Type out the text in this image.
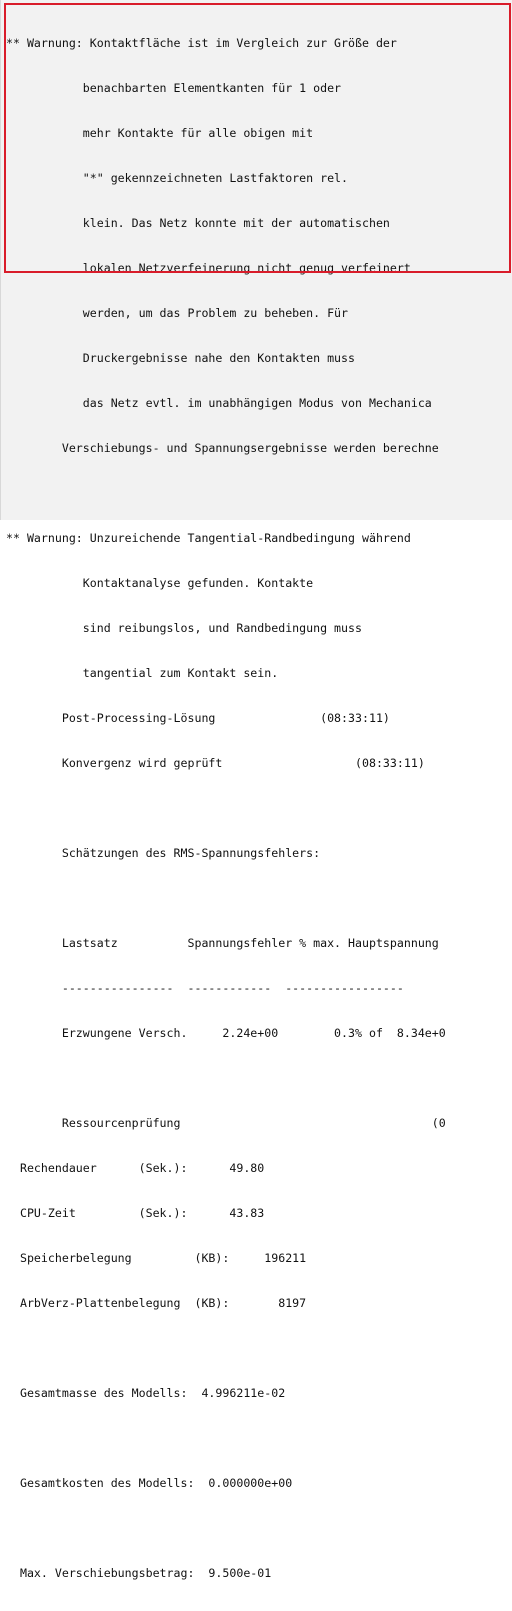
** Warnung: Kontaktfläche ist im Vergleich zur Größe der

benachbarten Elementkanten für 1 oder

mehr Kontakte für alle obigen mit

"*" gekennzeichneten Lastfaktoren rel.

klein. Das Netz konnte mit der automatischen

lokalen Netzverfeinerung nicht genug verfeinert

werden, um das Problem zu beheben. Für

Druckergebnisse nahe den Kontakten muss

das Netz evtl. im unabhängigen Modus von Mechanica

Verschiebungs- und Spannungsergebnisse werden berechne

** Warnung: Unzureichende Tangential-Randbedingung während

Kontaktanalyse gefunden. Kontakte

sind reibungslos, und Randbedingung muss

tangential zum Kontakt sein.

Post-Processing-Lösung               (08:33:11)

Konvergenz wird geprüft                   (08:33:11)

Schätzungen des RMS-Spannungsfehlers:

Lastsatz          Spannungsfehler % max. Hauptspannung

----------------  ------------  -----------------

Erzwungene Versch.     2.24e+00        0.3% of  8.34e+0

Ressourcenprüfung                                    (0

Rechendauer      (Sek.):      49.80

CPU-Zeit         (Sek.):      43.83

Speicherbelegung         (KB):     196211

ArbVerz-Plattenbelegung  (KB):       8197

Gesamtmasse des Modells:  4.996211e-02

Gesamtkosten des Modells:  0.000000e+00

Max. Verschiebungsbetrag:  9.500e-01
